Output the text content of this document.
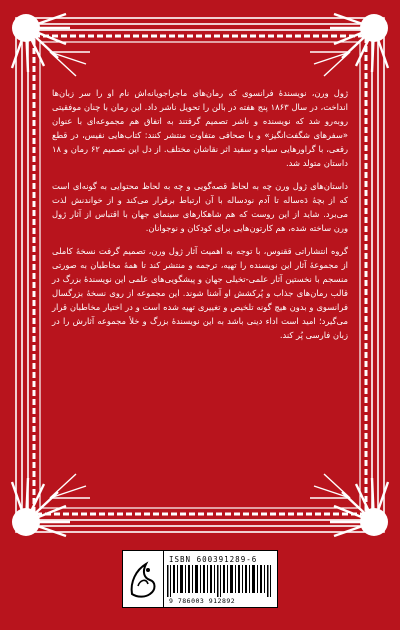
ژول ورن، نویسندهٔ فرانسوی که رمان‌های ماجراجویانه‌اش نام او را سر زبان‌ها انداخت، در سال ۱۸۶۳ پنج هفته در بالن را تحویل ناشر داد. این رمان با چنان موفقیتی روبه‌رو شد که نویسنده و ناشر تصمیم گرفتند به اتفاق هم مجموعه‌ای با عنوان «سفرهای شگفت‌انگیز» و با صحافی متفاوت منتشر کنند: کتاب‌هایی نفیس، در قطع رقعی، با گراورهایی سیاه و سفید اثر نقاشان مختلف. از دل این تصمیم ۶۲ رمان و ۱۸ داستان متولد شد.

داستان‌های ژول ورن چه به لحاظ قصه‌گویی و چه به لحاظ محتوایی به گونه‌ای است که از بچهٔ دَه‌ساله تا آدم نودساله با آن ارتباط برقرار می‌کند و از خواندنش لذت می‌برد. شاید از این روست که هم شاهکارهای سینمای جهان با اقتباس از آثار ژول ورن ساخته شده، هم کارتون‌هایی برای کودکان و نوجوانان.

گروه انتشاراتی ققنوس، با توجه به اهمیت آثار ژول ورن، تصمیم گرفت نسخهٔ کاملی از مجموعهٔ آثار این نویسنده را تهیه، ترجمه و منتشر کند تا همهٔ مخاطبان به صورتی منسجم با نخستین آثار علمی-تخیلی جهان و پیشگویی‌های علمی این نویسندهٔ بزرگ در قالب رمان‌های جذاب و پُرکشش او آشنا شوند. این مجموعه از روی نسخهٔ بزرگسال فرانسوی و بدون هیچ گونه تلخیص و تغییری تهیه شده است و در اختیار مخاطبان قرار می‌گیرد؛ امید است اداء دینی باشد به این نویسندهٔ بزرگ و خلأ مجموعه آثارش را در زبان فارسی پُر کند.

ISBN 600391289-6
9 786003 912892
